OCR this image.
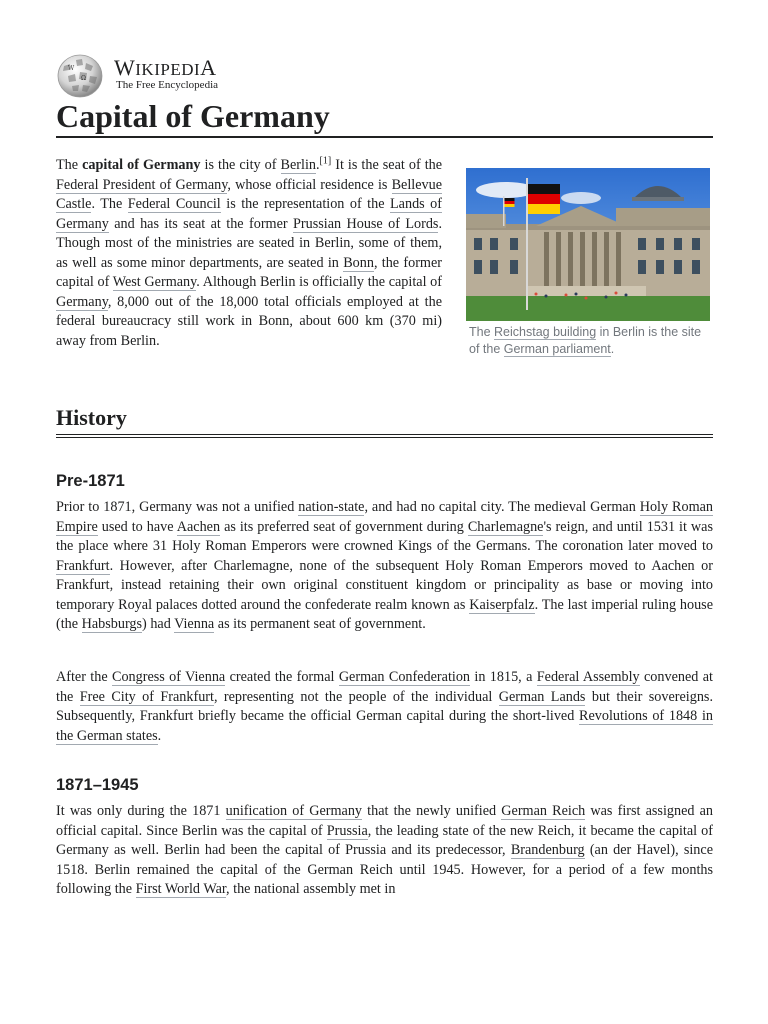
W
Ω WIKIPEDIA
The Free Encyclopedia
Capital of Germany

The capital of Germany is the city of Berlin.[1] It is the seat of the Federal President of Germany, whose official residence is Bellevue Castle. The Federal Council is the representation of the Lands of Germany and has its seat at the former Prussian House of Lords. Though most of the ministries are seated in Berlin, some of them, as well as some minor departments, are seated in Bonn, the former capital of West Germany. Although Berlin is officially the capital of Germany, 8,000 out of the 18,000 total officials employed at the federal bureaucracy still work in Bonn, about 600 km (370 mi) away from Berlin.

The Reichstag building in Berlin is the site of the German parliament.

History
Pre-1871

Prior to 1871, Germany was not a unified nation-state, and had no capital city. The medieval German Holy Roman Empire used to have Aachen as its preferred seat of government during Charlemagne's reign, and until 1531 it was the place where 31 Holy Roman Emperors were crowned Kings of the Germans. The coronation later moved to Frankfurt. However, after Charlemagne, none of the subsequent Holy Roman Emperors moved to Aachen or Frankfurt, instead retaining their own original constituent kingdom or principality as base or moving into temporary Royal palaces dotted around the confederate realm known as Kaiserpfalz. The last imperial ruling house (the Habsburgs) had Vienna as its permanent seat of government.

After the Congress of Vienna created the formal German Confederation in 1815, a Federal Assembly convened at the Free City of Frankfurt, representing not the people of the individual German Lands but their sovereigns. Subsequently, Frankfurt briefly became the official German capital during the short-lived Revolutions of 1848 in the German states.

1871–1945

It was only during the 1871 unification of Germany that the newly unified German Reich was first assigned an official capital. Since Berlin was the capital of Prussia, the leading state of the new Reich, it became the capital of Germany as well. Berlin had been the capital of Prussia and its predecessor, Brandenburg (an der Havel), since 1518. Berlin remained the capital of the German Reich until 1945. However, for a period of a few months following the First World War, the national assembly met in
